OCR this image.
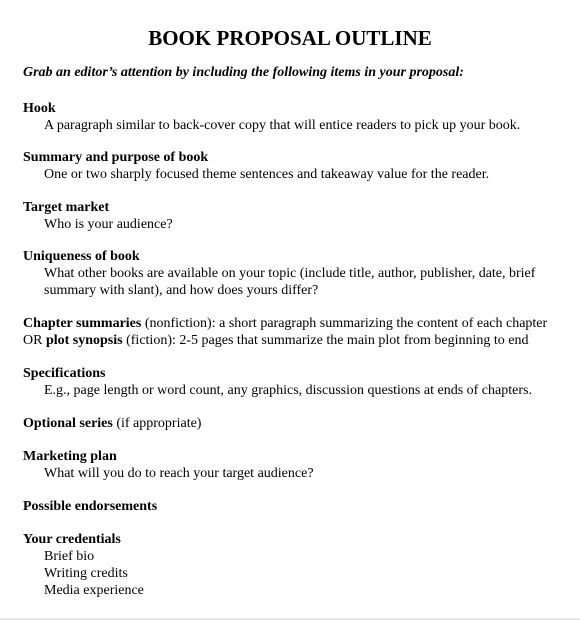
BOOK PROPOSAL OUTLINE
Grab an editor’s attention by including the following items in your proposal:
Hook
A paragraph similar to back-cover copy that will entice readers to pick up your book.
Summary and purpose of book
One or two sharply focused theme sentences and takeaway value for the reader.
Target market
Who is your audience?
Uniqueness of book
What other books are available on your topic (include title, author, publisher, date, brief
summary with slant), and how does yours differ?
Chapter summaries (nonfiction): a short paragraph summarizing the content of each chapter
OR plot synopsis (fiction): 2-5 pages that summarize the main plot from beginning to end
Specifications
E.g., page length or word count, any graphics, discussion questions at ends of chapters.
Optional series (if appropriate)
Marketing plan
What will you do to reach your target audience?
Possible endorsements
Your credentials
Brief bio
Writing credits
Media experience
